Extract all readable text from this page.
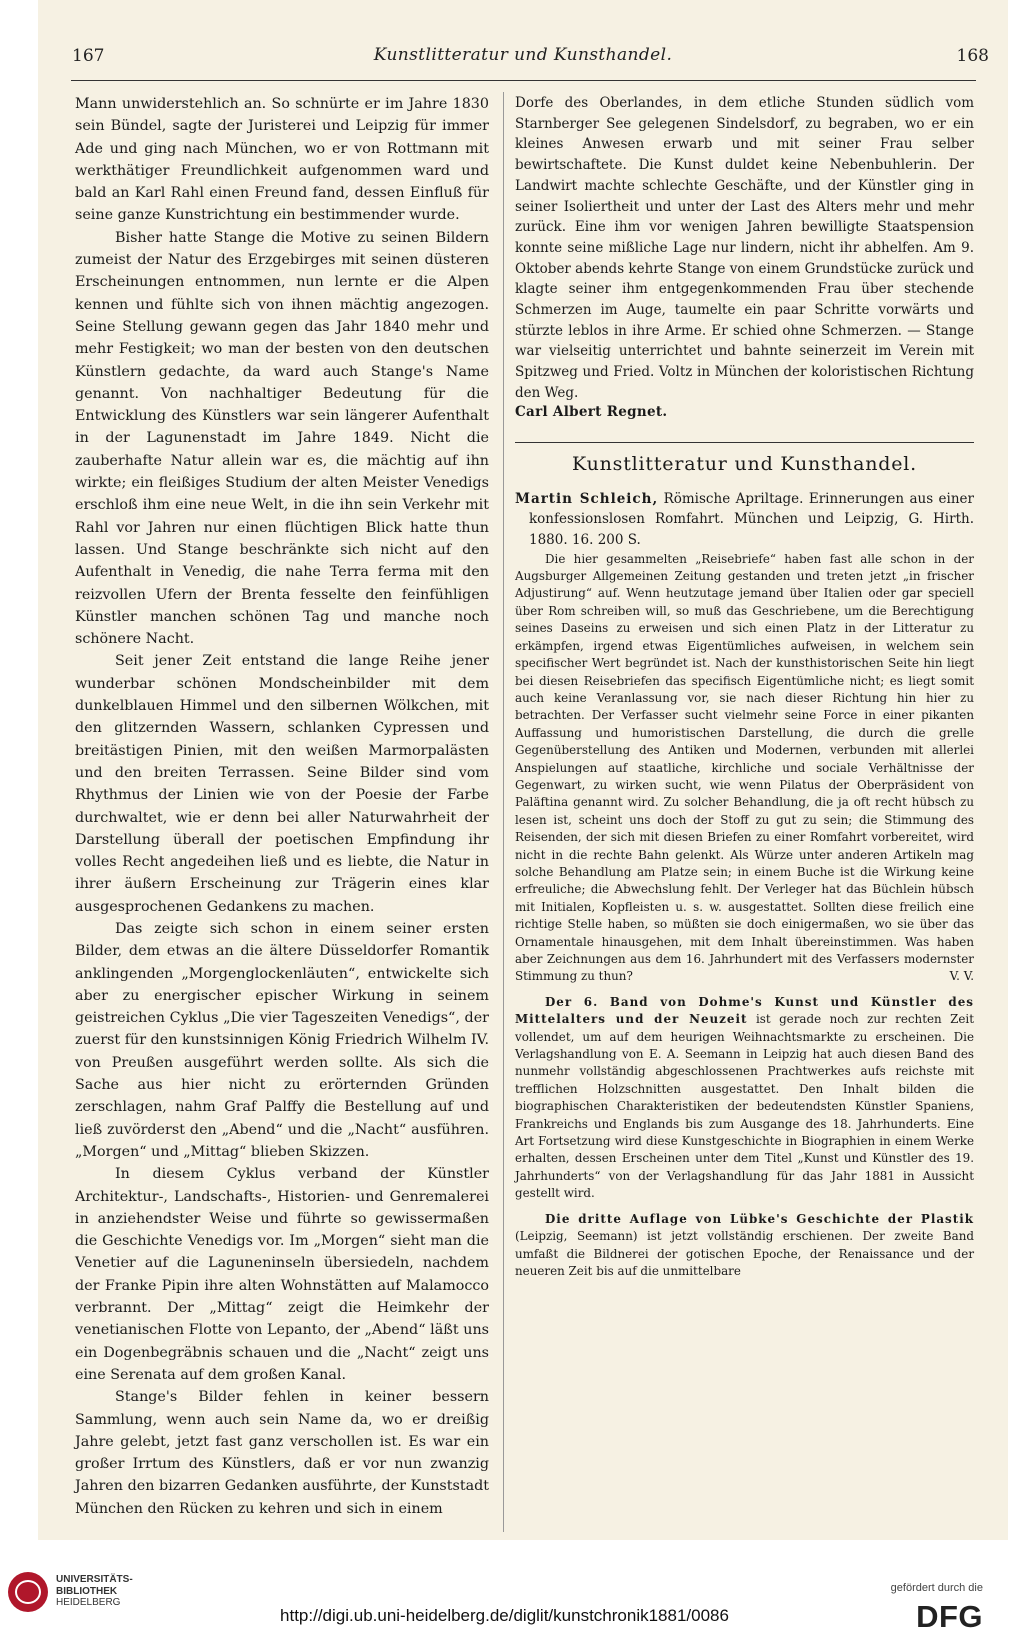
167	Kunstlitteratur und Kunsthandel.	168

Mann unwiderstehlich an. So schnürte er im Jahre 1830 sein Bündel, sagte der Juristerei und Leipzig für immer Ade und ging nach München, wo er von Rottmann mit werkthätiger Freundlichkeit aufgenommen ward und bald an Karl Rahl einen Freund fand, dessen Einfluß für seine ganze Kunstrichtung ein bestimmender wurde.

Bisher hatte Stange die Motive zu seinen Bildern zumeist der Natur des Erzgebirges mit seinen düsteren Erscheinungen entnommen, nun lernte er die Alpen kennen und fühlte sich von ihnen mächtig angezogen. Seine Stellung gewann gegen das Jahr 1840 mehr und mehr Festigkeit; wo man der besten von den deutschen Künstlern gedachte, da ward auch Stange's Name genannt. Von nachhaltiger Bedeutung für die Entwicklung des Künstlers war sein längerer Aufenthalt in der Lagunenstadt im Jahre 1849. Nicht die zauberhafte Natur allein war es, die mächtig auf ihn wirkte; ein fleißiges Studium der alten Meister Venedigs erschloß ihm eine neue Welt, in die ihn sein Verkehr mit Rahl vor Jahren nur einen flüchtigen Blick hatte thun lassen. Und Stange beschränkte sich nicht auf den Aufenthalt in Venedig, die nahe Terra ferma mit den reizvollen Ufern der Brenta fesselte den feinfühligen Künstler manchen schönen Tag und manche noch schönere Nacht.

Seit jener Zeit entstand die lange Reihe jener wunderbar schönen Mondscheinbilder mit dem dunkelblauen Himmel und den silbernen Wölkchen, mit den glitzernden Wassern, schlanken Cypressen und breitästigen Pinien, mit den weißen Marmorpalästen und den breiten Terrassen. Seine Bilder sind vom Rhythmus der Linien wie von der Poesie der Farbe durchwaltet, wie er denn bei aller Naturwahrheit der Darstellung überall der poetischen Empfindung ihr volles Recht angedeihen ließ und es liebte, die Natur in ihrer äußern Erscheinung zur Trägerin eines klar ausgesprochenen Gedankens zu machen.

Das zeigte sich schon in einem seiner ersten Bilder, dem etwas an die ältere Düsseldorfer Romantik anklingenden „Morgenglockenläuten“, entwickelte sich aber zu energischer epischer Wirkung in seinem geistreichen Cyklus „Die vier Tageszeiten Venedigs“, der zuerst für den kunstsinnigen König Friedrich Wilhelm IV. von Preußen ausgeführt werden sollte. Als sich die Sache aus hier nicht zu erörternden Gründen zerschlagen, nahm Graf Palffy die Bestellung auf und ließ zuvörderst den „Abend“ und die „Nacht“ ausführen. „Morgen“ und „Mittag“ blieben Skizzen.

In diesem Cyklus verband der Künstler Architektur-, Landschafts-, Historien- und Genremalerei in anziehendster Weise und führte so gewissermaßen die Geschichte Venedigs vor. Im „Morgen“ sieht man die Venetier auf die Laguneninseln übersiedeln, nachdem der Franke Pipin ihre alten Wohnstätten auf Malamocco verbrannt. Der „Mittag“ zeigt die Heimkehr der venetianischen Flotte von Lepanto, der „Abend“ läßt uns ein Dogenbegräbnis schauen und die „Nacht“ zeigt uns eine Serenata auf dem großen Kanal.

Stange's Bilder fehlen in keiner bessern Sammlung, wenn auch sein Name da, wo er dreißig Jahre gelebt, jetzt fast ganz verschollen ist. Es war ein großer Irrtum des Künstlers, daß er vor nun zwanzig Jahren den bizarren Gedanken ausführte, der Kunststadt München den Rücken zu kehren und sich in einem

Dorfe des Oberlandes, in dem etliche Stunden südlich vom Starnberger See gelegenen Sindelsdorf, zu begraben, wo er ein kleines Anwesen erwarb und mit seiner Frau selber bewirtschaftete. Die Kunst duldet keine Nebenbuhlerin. Der Landwirt machte schlechte Geschäfte, und der Künstler ging in seiner Isoliertheit und unter der Last des Alters mehr und mehr zurück. Eine ihm vor wenigen Jahren bewilligte Staatspension konnte seine mißliche Lage nur lindern, nicht ihr abhelfen. Am 9. Oktober abends kehrte Stange von einem Grundstücke zurück und klagte seiner ihm entgegenkommenden Frau über stechende Schmerzen im Auge, taumelte ein paar Schritte vorwärts und stürzte leblos in ihre Arme. Er schied ohne Schmerzen. — Stange war vielseitig unterrichtet und bahnte seinerzeit im Verein mit Spitzweg und Fried. Voltz in München der koloristischen Richtung den Weg.

Carl Albert Regnet.

Kunstlitteratur und Kunsthandel.

Martin Schleich, Römische Apriltage. Erinnerungen aus einer konfessionslosen Romfahrt. München und Leipzig, G. Hirth. 1880. 16. 200 S.

Die hier gesammelten „Reisebriefe“ haben fast alle schon in der Augsburger Allgemeinen Zeitung gestanden und treten jetzt „in frischer Adjustirung“ auf. Wenn heutzutage jemand über Italien oder gar speciell über Rom schreiben will, so muß das Geschriebene, um die Berechtigung seines Daseins zu erweisen und sich einen Platz in der Litteratur zu erkämpfen, irgend etwas Eigentümliches aufweisen, in welchem sein specifischer Wert begründet ist. Nach der kunsthistorischen Seite hin liegt bei diesen Reisebriefen das specifisch Eigentümliche nicht; es liegt somit auch keine Veranlassung vor, sie nach dieser Richtung hin hier zu betrachten. Der Verfasser sucht vielmehr seine Force in einer pikanten Auffassung und humoristischen Darstellung, die durch die grelle Gegenüberstellung des Antiken und Modernen, verbunden mit allerlei Anspielungen auf staatliche, kirchliche und sociale Verhältnisse der Gegenwart, zu wirken sucht, wie wenn Pilatus der Oberpräsident von Paläftina genannt wird. Zu solcher Behandlung, die ja oft recht hübsch zu lesen ist, scheint uns doch der Stoff zu gut zu sein; die Stimmung des Reisenden, der sich mit diesen Briefen zu einer Romfahrt vorbereitet, wird nicht in die rechte Bahn gelenkt. Als Würze unter anderen Artikeln mag solche Behandlung am Platze sein; in einem Buche ist die Wirkung keine erfreuliche; die Abwechslung fehlt. Der Verleger hat das Büchlein hübsch mit Initialen, Kopfleisten u. s. w. ausgestattet. Sollten diese freilich eine richtige Stelle haben, so müßten sie doch einigermaßen, wo sie über das Ornamentale hinausgehen, mit dem Inhalt übereinstimmen. Was haben aber Zeichnungen aus dem 16. Jahrhundert mit des Verfassers modernster Stimmung zu thun?	V. V.

Der 6. Band von Dohme's Kunst und Künstler des Mittelalters und der Neuzeit ist gerade noch zur rechten Zeit vollendet, um auf dem heurigen Weihnachtsmarkte zu erscheinen. Die Verlagshandlung von E. A. Seemann in Leipzig hat auch diesen Band des nunmehr vollständig abgeschlossenen Prachtwerkes aufs reichste mit trefflichen Holzschnitten ausgestattet. Den Inhalt bilden die biographischen Charakteristiken der bedeutendsten Künstler Spaniens, Frankreichs und Englands bis zum Ausgange des 18. Jahrhunderts. Eine Art Fortsetzung wird diese Kunstgeschichte in Biographien in einem Werke erhalten, dessen Erscheinen unter dem Titel „Kunst und Künstler des 19. Jahrhunderts“ von der Verlagshandlung für das Jahr 1881 in Aussicht gestellt wird.

Die dritte Auflage von Lübke's Geschichte der Plastik (Leipzig, Seemann) ist jetzt vollständig erschienen. Der zweite Band umfaßt die Bildnerei der gotischen Epoche, der Renaissance und der neueren Zeit bis auf die unmittelbare

UNIVERSITÄTS-
BIBLIOTHEK
HEIDELBERG
http://digi.ub.uni-heidelberg.de/diglit/kunstchronik1881/0086
gefördert durch die
DFG
